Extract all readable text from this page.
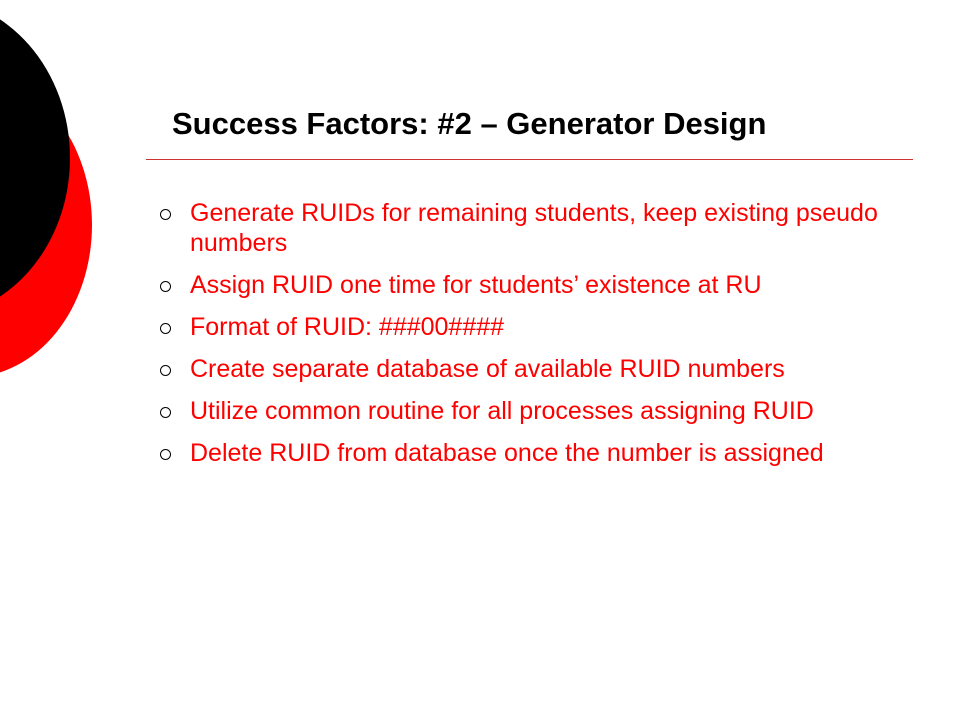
Success Factors: #2 – Generator Design
Generate RUIDs for remaining students, keep existing pseudo numbers
Assign RUID one time for students’ existence at RU
Format of RUID: ###00####
Create separate database of available RUID numbers
Utilize common routine for all processes assigning RUID
Delete RUID from database once the number is assigned
